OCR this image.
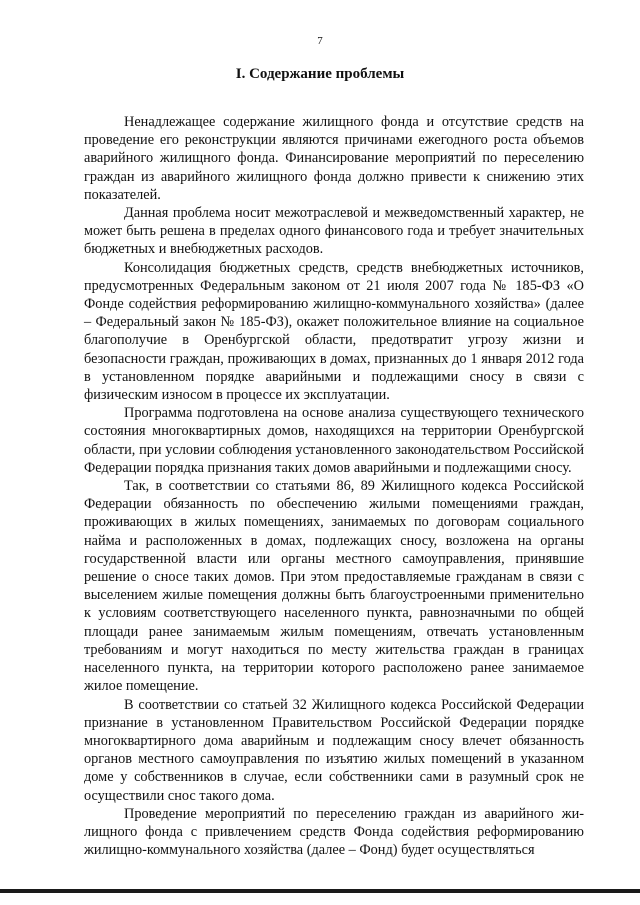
7
I. Содержание проблемы

Ненадлежащее содержание жилищного фонда и отсутствие средств на проведение его реконструкции являются причинами ежегодного роста объемов аварийного жилищного фонда. Финансирование мероприятий по переселению граждан из аварийного жилищного фонда должно привести к снижению этих показателей.

Данная проблема носит межотраслевой и межведомственный характер, не может быть решена в пределах одного финансового года и требует значительных бюджетных и внебюджетных расходов.

Консолидация бюджетных средств, средств внебюджетных источников, предусмотренных Федеральным законом от 21 июля 2007 года № 185-ФЗ «О Фонде содействия реформированию жилищно-коммунального хозяйства» (далее – Федеральный закон № 185-ФЗ), окажет положительное влияние на социальное благополучие в Оренбургской области, предотвратит угрозу жизни и безопасности граждан, проживающих в домах, признанных до 1 января 2012 года в установленном порядке аварийными и подлежащими сносу в связи с физическим износом в процессе их эксплуатации.

Программа подготовлена на основе анализа существующего технического состояния многоквартирных домов, находящихся на территории Оренбургской области, при условии соблюдения установленного законодательством Российской Федерации порядка признания таких домов аварийными и подлежащими сносу.

Так, в соответствии со статьями 86, 89 Жилищного кодекса Российской Федерации обязанность по обеспечению жилыми помещениями граждан, проживающих в жилых помещениях, занимаемых по договорам социального найма и расположенных в домах, подлежащих сносу, возложена на органы государственной власти или органы местного самоуправления, принявшие решение о сносе таких домов. При этом предоставляемые гражданам в связи с выселением жилые помещения должны быть благоустроенными применительно к условиям соответствующего населенного пункта, равнозначными по общей площади ранее занимаемым жилым помещениям, отвечать установленным требованиям и могут находиться по месту жительства граждан в границах населенного пункта, на территории которого расположено ранее занимаемое жилое помещение.

В соответствии со статьей 32 Жилищного кодекса Российской Федерации признание в установленном Правительством Российской Федерации порядке многоквартирного дома аварийным и подлежащим сносу влечет обязанность органов местного самоуправления по изъятию жилых помещений в указанном доме у собственников в случае, если собственники сами в разумный срок не осуществили снос такого дома.

Проведение мероприятий по переселению граждан из аварийного жилищного фонда с привлечением средств Фонда содействия реформированию жилищно-коммунального хозяйства (далее – Фонд) будет осуществляться
